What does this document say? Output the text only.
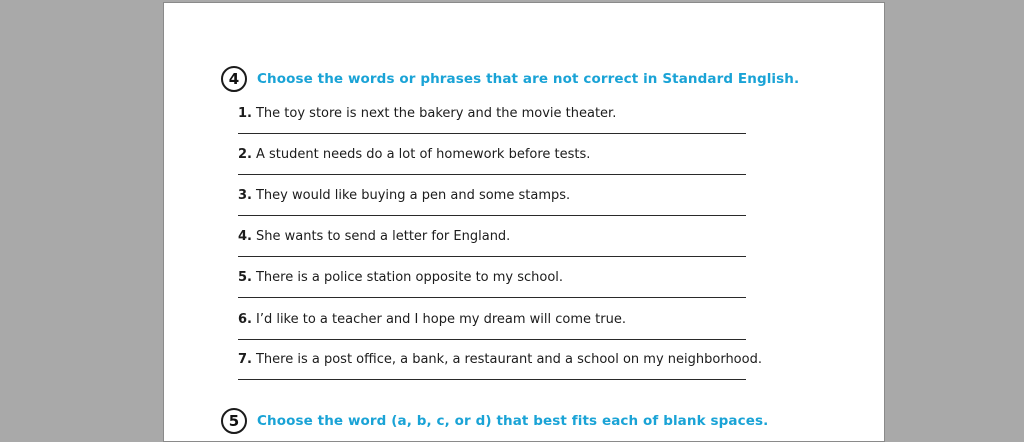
4	Choose the words or phrases that are not correct in Standard English.
1. The toy store is next the bakery and the movie theater.
2. A student needs do a lot of homework before tests.
3. They would like buying a pen and some stamps.
4. She wants to send a letter for England.
5. There is a police station opposite to my school.
6. I’d like to a teacher and I hope my dream will come true.
7. There is a post office, a bank, a restaurant and a school on my neighborhood.
5	Choose the word (a, b, c, or d) that best fits each of blank spaces.
